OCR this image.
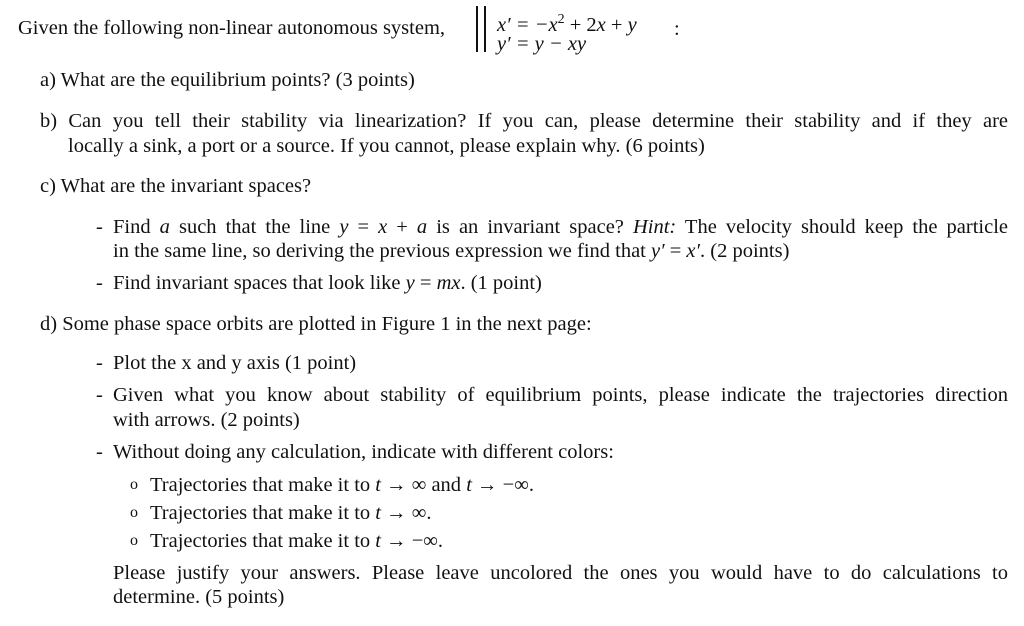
$x' = -x^2 + 2x + y$
y′ = y − xy
:
Given the following non-linear autonomous system,
a) What are the equilibrium points? (3 points)
b) Can you tell their stability via linearization? If you can, please determine their stability and if they are
locally a sink, a port or a source. If you cannot, please explain why. (6 points)
c) What are the invariant spaces?
Find a such that the line y = x + a is an invariant space? Hint: The velocity should keep the particle
-
in the same line, so deriving the previous expression we find that y′ = x′. (2 points)
Find invariant spaces that look like y = mx. (1 point)
-
d) Some phase space orbits are plotted in Figure 1 in the next page:
Plot the x and y axis (1 point)
-
Given what you know about stability of equilibrium points, please indicate the trajectories direction
-
with arrows. (2 points)
Without doing any calculation, indicate with different colors:
-
Trajectories that make it to t → ∞ and t → −∞.
o
Trajectories that make it to t → ∞.
o
Trajectories that make it to t → −∞.
o
Please justify your answers. Please leave uncolored the ones you would have to do calculations to
determine. (5 points)
